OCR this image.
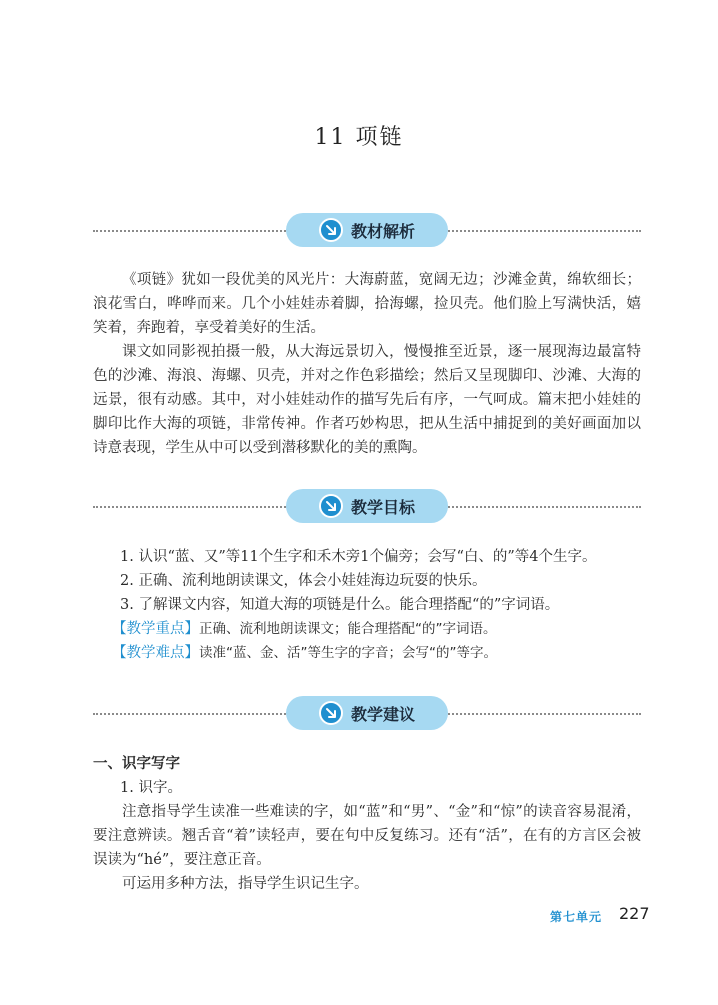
11 项链
教材解析

《项链》犹如一段优美的风光片：大海蔚蓝，宽阔无边；沙滩金黄，绵软细长；浪花雪白，哗哗而来。几个小娃娃赤着脚，拾海螺，捡贝壳。他们脸上写满快活，嬉笑着，奔跑着，享受着美好的生活。

课文如同影视拍摄一般，从大海远景切入，慢慢推至近景，逐一展现海边最富特色的沙滩、海浪、海螺、贝壳，并对之作色彩描绘；然后又呈现脚印、沙滩、大海的远景，很有动感。其中，对小娃娃动作的描写先后有序，一气呵成。篇末把小娃娃的脚印比作大海的项链，非常传神。作者巧妙构思，把从生活中捕捉到的美好画面加以诗意表现，学生从中可以受到潜移默化的美的熏陶。

教学目标

1. 认识“蓝、又”等11个生字和禾木旁1个偏旁；会写“白、的”等4个生字。

2. 正确、流利地朗读课文，体会小娃娃海边玩耍的快乐。

3. 了解课文内容，知道大海的项链是什么。能合理搭配“的”字词语。

【教学重点】正确、流利地朗读课文；能合理搭配“的”字词语。

【教学难点】读准“蓝、金、活”等生字的字音；会写“的”等字。

教学建议

一、识字写字

1. 识字。

注意指导学生读准一些难读的字，如“蓝”和“男”、“金”和“惊”的读音容易混淆，要注意辨读。翘舌音“着”读轻声，要在句中反复练习。还有“活”，在有的方言区会被误读为“hé”，要注意正音。

可运用多种方法，指导学生识记生字。

第七单元 227
